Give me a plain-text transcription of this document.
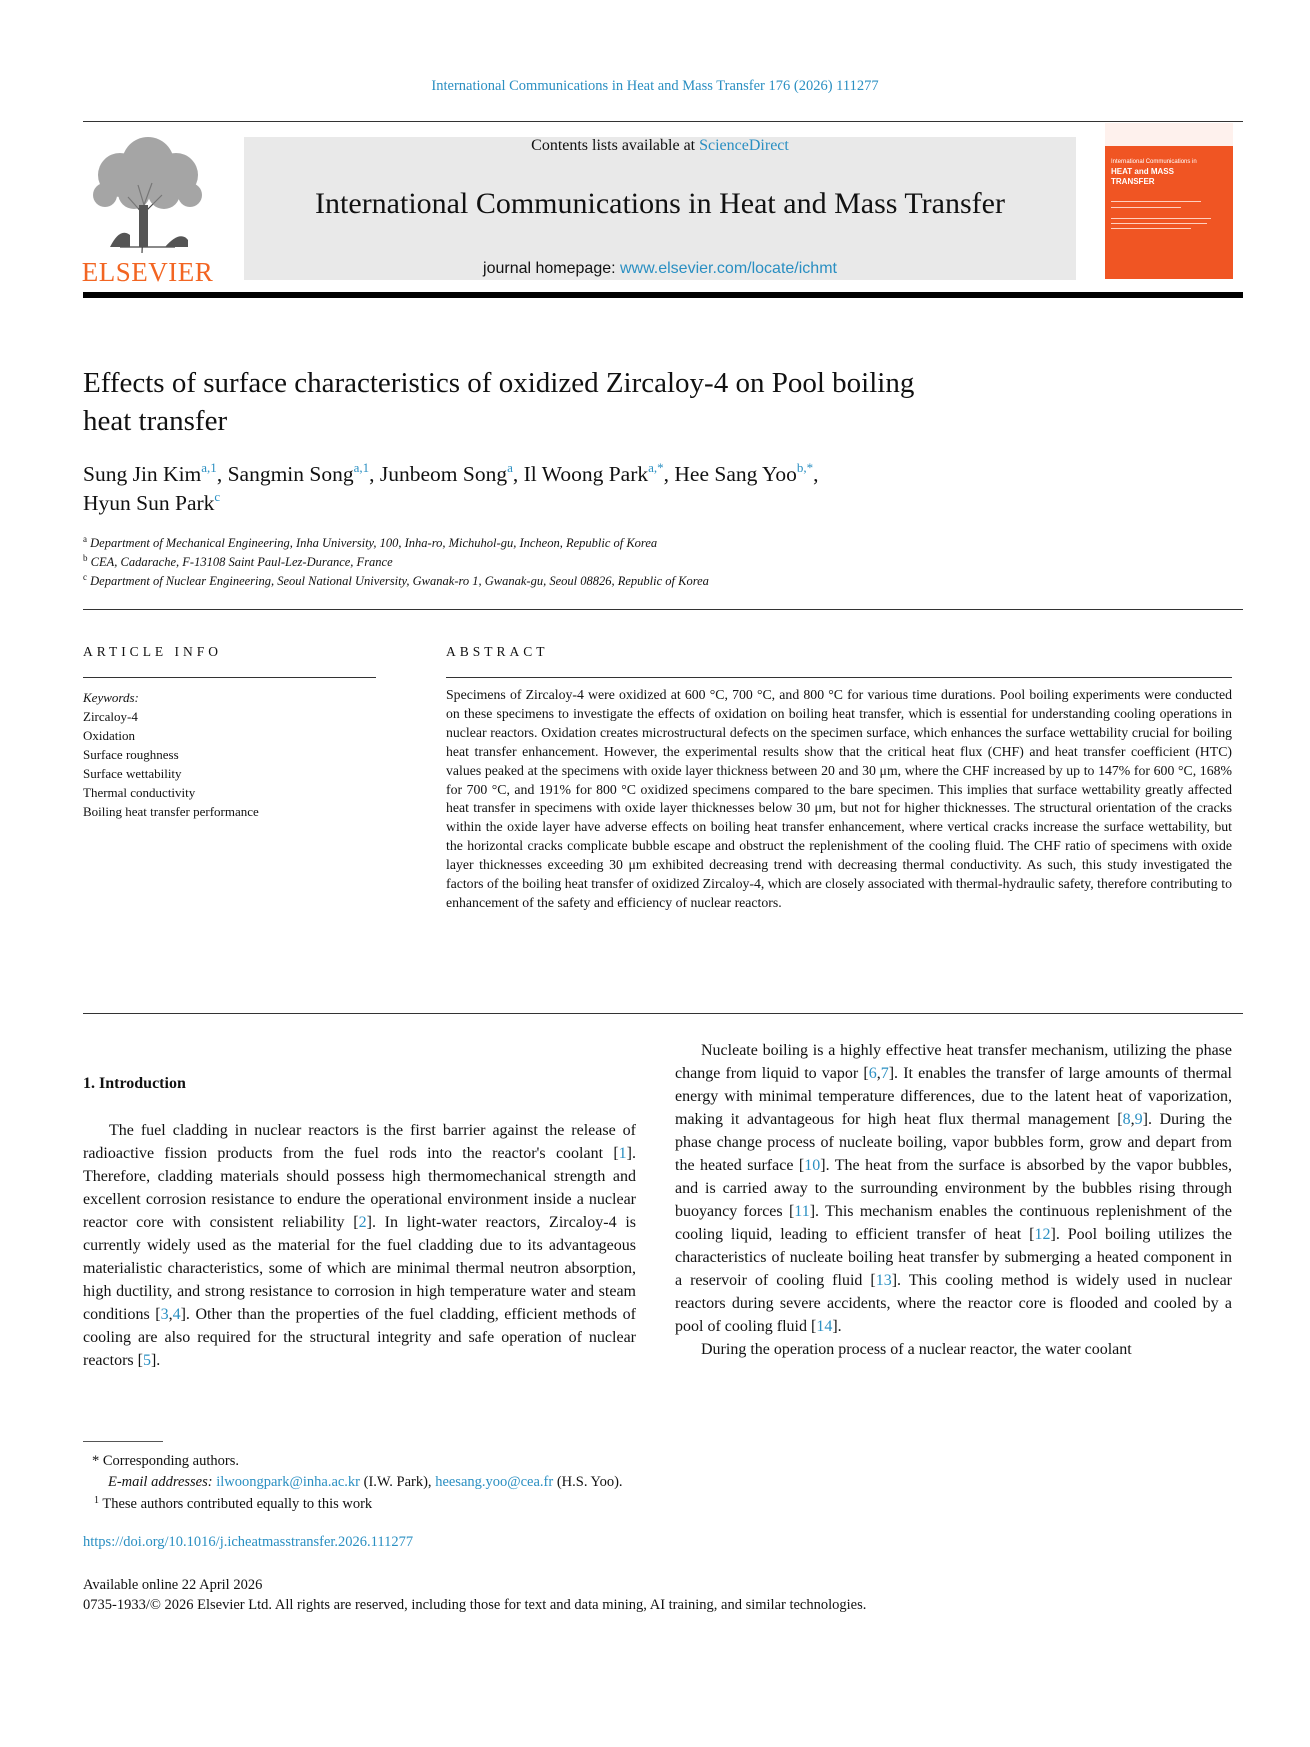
International Communications in Heat and Mass Transfer 176 (2026) 111277
ELSEVIER
Contents lists available at ScienceDirect
International Communications in Heat and Mass Transfer
journal homepage: www.elsevier.com/locate/ichmt
International Communications in
HEAT and MASS
TRANSFER
Effects of surface characteristics of oxidized Zircaloy-4 on Pool boiling
heat transfer
Sung Jin Kim$^{a,1}$, Sangmin Song$^{a,1}$, Junbeom Song$^a$, Il Woong Park$^{a,*}$, Hee Sang Yoo$^{b,*}$,
Hyun Sun Park$^c$
$^a$ Department of Mechanical Engineering, Inha University, 100, Inha-ro, Michuhol-gu, Incheon, Republic of Korea
$^b$ CEA, Cadarache, F-13108 Saint Paul-Lez-Durance, France
$^c$ Department of Nuclear Engineering, Seoul National University, Gwanak-ro 1, Gwanak-gu, Seoul 08826, Republic of Korea
ARTICLE INFO
Keywords:
Zircaloy-4
Oxidation
Surface roughness
Surface wettability
Thermal conductivity
Boiling heat transfer performance
ABSTRACT
Specimens of Zircaloy-4 were oxidized at 600 °C, 700 °C, and 800 °C for various time durations. Pool boiling experiments were conducted on these specimens to investigate the effects of oxidation on boiling heat transfer, which is essential for understanding cooling operations in nuclear reactors. Oxidation creates microstructural defects on the specimen surface, which enhances the surface wettability crucial for boiling heat transfer enhancement. However, the experimental results show that the critical heat flux (CHF) and heat transfer coefficient (HTC) values peaked at the specimens with oxide layer thickness between 20 and 30 μm, where the CHF increased by up to 147% for 600 °C, 168% for 700 °C, and 191% for 800 °C oxidized specimens compared to the bare specimen. This implies that surface wettability greatly affected heat transfer in specimens with oxide layer thicknesses below 30 μm, but not for higher thicknesses. The structural orientation of the cracks within the oxide layer have adverse effects on boiling heat transfer enhancement, where vertical cracks increase the surface wettability, but the horizontal cracks complicate bubble escape and obstruct the replenishment of the cooling fluid. The CHF ratio of specimens with oxide layer thicknesses exceeding 30 μm exhibited decreasing trend with decreasing thermal conductivity. As such, this study investigated the factors of the boiling heat transfer of oxidized Zircaloy-4, which are closely associated with thermal-hydraulic safety, therefore contributing to enhancement of the safety and efficiency of nuclear reactors.
1. Introduction

The fuel cladding in nuclear reactors is the first barrier against the release of radioactive fission products from the fuel rods into the reactor's coolant [1]. Therefore, cladding materials should possess high thermomechanical strength and excellent corrosion resistance to endure the operational environment inside a nuclear reactor core with consistent reliability [2]. In light-water reactors, Zircaloy-4 is currently widely used as the material for the fuel cladding due to its advantageous materialistic characteristics, some of which are minimal thermal neutron absorption, high ductility, and strong resistance to corrosion in high temperature water and steam conditions [3,4]. Other than the properties of the fuel cladding, efficient methods of cooling are also required for the structural integrity and safe operation of nuclear reactors [5].

Nucleate boiling is a highly effective heat transfer mechanism, utilizing the phase change from liquid to vapor [6,7]. It enables the transfer of large amounts of thermal energy with minimal temperature differences, due to the latent heat of vaporization, making it advantageous for high heat flux thermal management [8,9]. During the phase change process of nucleate boiling, vapor bubbles form, grow and depart from the heated surface [10]. The heat from the surface is absorbed by the vapor bubbles, and is carried away to the surrounding environment by the bubbles rising through buoyancy forces [11]. This mechanism enables the continuous replenishment of the cooling liquid, leading to efficient transfer of heat [12]. Pool boiling utilizes the characteristics of nucleate boiling heat transfer by submerging a heated component in a reservoir of cooling fluid [13]. This cooling method is widely used in nuclear reactors during severe accidents, where the reactor core is flooded and cooled by a pool of cooling fluid [14].

During the operation process of a nuclear reactor, the water coolant

* Corresponding authors.
E-mail addresses: ilwoongpark@inha.ac.kr (I.W. Park), heesang.yoo@cea.fr (H.S. Yoo).
$^1$ These authors contributed equally to this work
https://doi.org/10.1016/j.icheatmasstransfer.2026.111277
Available online 22 April 2026
0735-1933/© 2026 Elsevier Ltd. All rights are reserved, including those for text and data mining, AI training, and similar technologies.
